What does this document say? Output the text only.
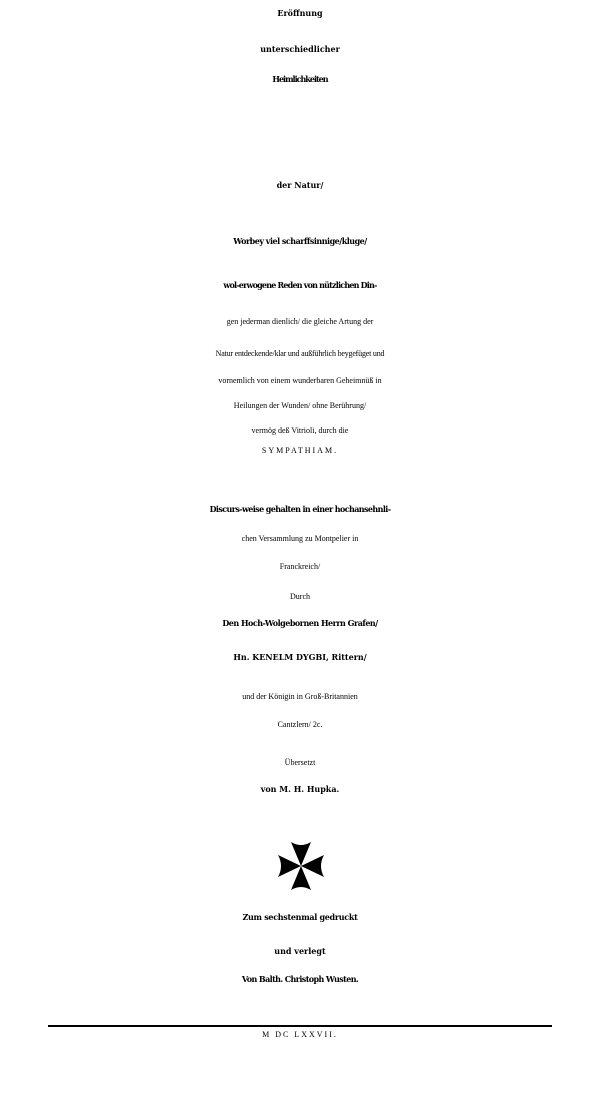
Eröffnung
unterschiedlicher
Heimlichkeiten
der Natur/
Worbey viel scharffsinnige/kluge/
wol-erwogene Reden von nützlichen Din-
gen jederman dienlich/ die gleiche Artung der
Natur entdeckende/klar und außführlich beygefüget und
vornemlich von einem wunderbaren Geheimnüß in
Heilungen der Wunden/ ohne Berührung/
vermög deß Vitrioli, durch die
SYMPATHIAM.
Discurs-weise gehalten in einer hochansehnli-
chen Versammlung zu Montpelier in
Franckreich/
Durch
Den Hoch-Wolgebornen Herrn Grafen/
Hn. KENELM DYGBI, Rittern/
und der Königin in Groß-Britannien
Cantzlern/ 2c.
Übersetzt
von M. H. Hupka.
Zum sechstenmal gedruckt
und verlegt
Von Balth. Christoph Wusten.
M DC LXXVII.
